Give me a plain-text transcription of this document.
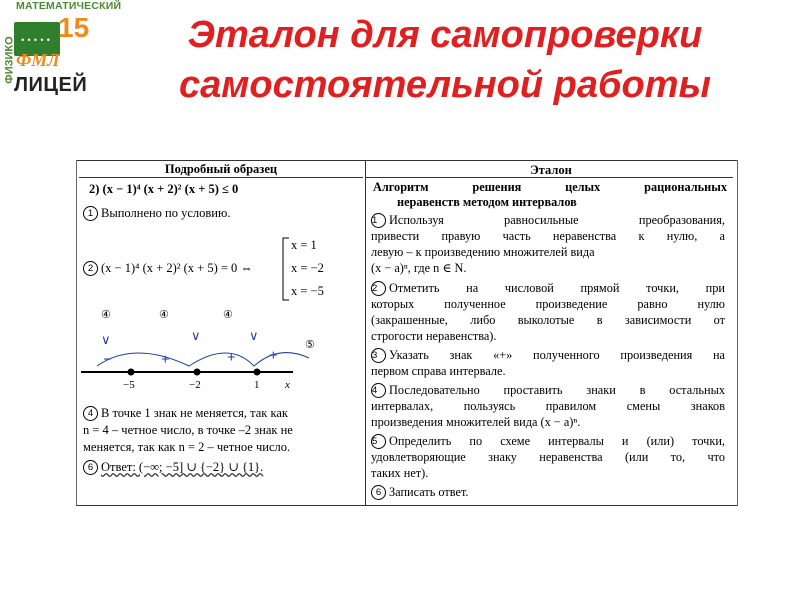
МАТЕМАТИЧЕСКИЙ
••••• 15
ФИЗИКО ФМЛ
ЛИЦЕЙ
Эталон для самопроверки
самостоятельной работы
Подробный образец
2) (x − 1)⁴ (x + 2)² (x + 5) ≤ 0
1 Выполнено по условию.
2 (x − 1)⁴ (x + 2)² (x + 5) = 0 ⇔
x = 1
x = −2
x = −5
④	④	④
⑤
∨	∨	∨
−	+	+ +
−5	−2	1 x
4 В точке 1 знак не меняется, так как
n = 4 – четное число, в точке –2 знак не
меняется, так как n = 2 – четное число.
6 Ответ: (−∞; −5] ∪ {−2} ∪ {1}.
Эталон
Алгоритм решения целых рациональных
неравенств методом интервалов
1 Используя равносильные преобразования,
привести правую часть неравенства к нулю, а
левую – к произведению множителей вида
(x − a)ⁿ, где n ∈ N.
2 Отметить на числовой прямой точки, при
которых полученное произведение равно нулю
(закрашенные, либо выколотые в зависимости от
строгости неравенства).
3 Указать знак «+» полученного произведения на
первом справа интервале.
4 Последовательно проставить знаки в остальных
интервалах, пользуясь правилом смены знаков
произведения множителей вида (x − a)ⁿ.
5 Определить по схеме интервалы и (или) точки,
удовлетворяющие знаку неравенства (или то, что
таких нет).
6 Записать ответ.
